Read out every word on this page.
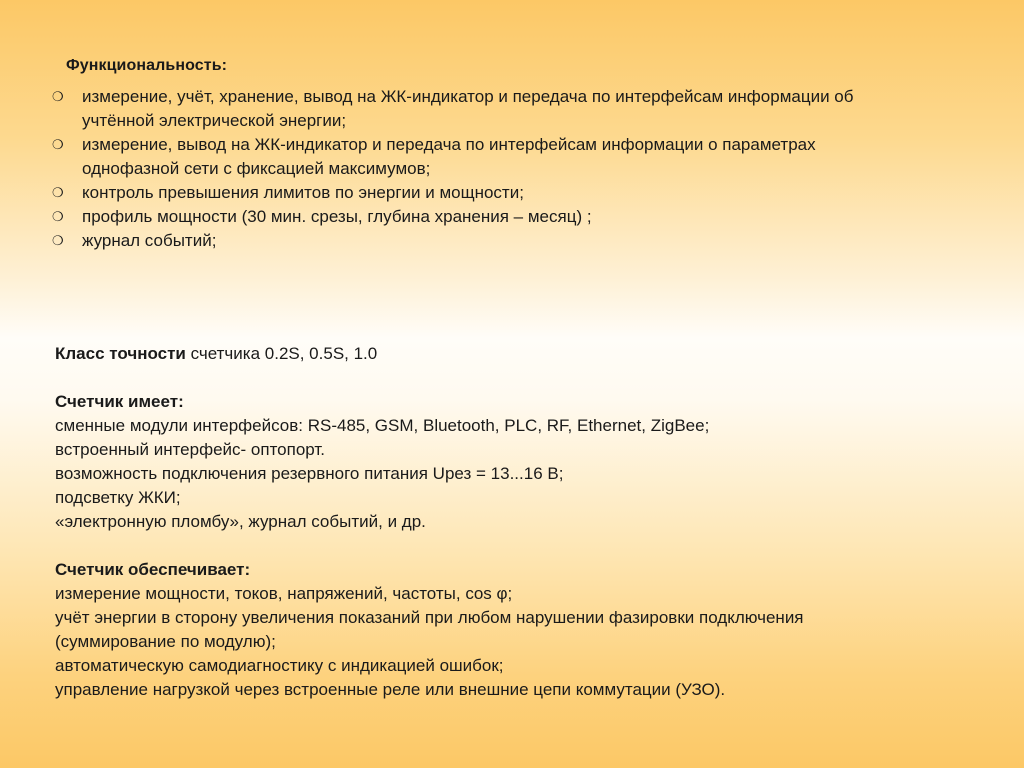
Функциональность:
❍ измерение, учёт, хранение, вывод на ЖК-индикатор и передача по интерфейсам информации об
учтённой электрической энергии;
❍ измерение, вывод на ЖК-индикатор и передача по интерфейсам информации о параметрах
однофазной сети с фиксацией максимумов;
❍ контроль превышения лимитов по энергии и мощности;
❍ профиль мощности (30 мин. срезы, глубина хранения – месяц) ;
❍ журнал событий;

Класс точности счетчика 0.2S, 0.5S, 1.0

Счетчик имеет:

сменные модули интерфейсов: RS-485, GSM, Bluetooth, PLC, RF, Ethernet, ZigBee;

встроенный интерфейс- оптопорт.

возможность подключения резервного питания Upез = 13...16 В;

подсветку ЖКИ;

«электронную пломбу», журнал событий, и др.

Счетчик обеспечивает:

измерение мощности, токов, напряжений, частоты, cos φ;

учёт энергии в сторону увеличения показаний при любом нарушении фазировки подключения

(суммирование по модулю);

автоматическую самодиагностику с индикацией ошибок;

управление нагрузкой через встроенные реле или внешние цепи коммутации (УЗО).
